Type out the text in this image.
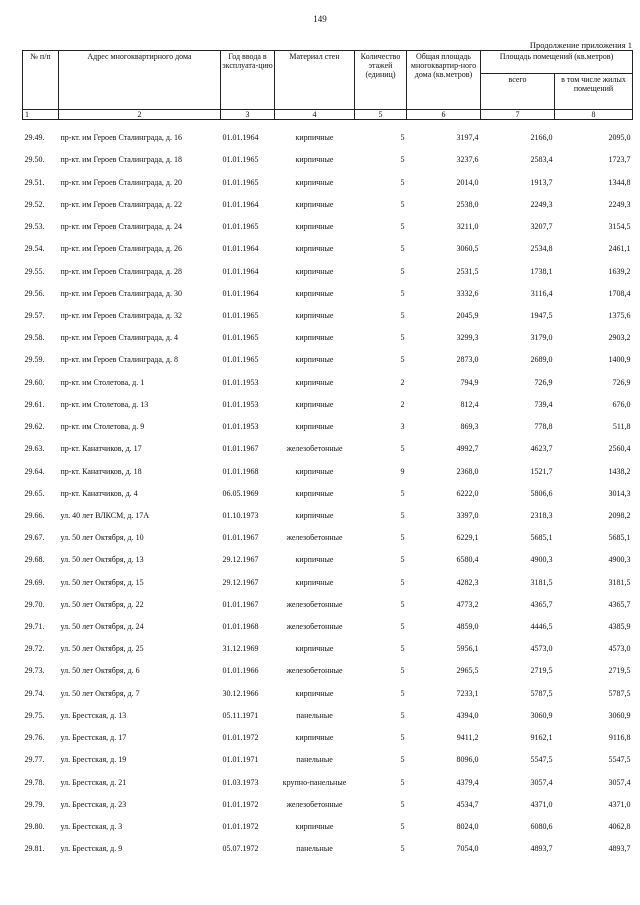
149
Продолжение приложения 1
№ п/п	Адрес многоквартирного дома	Год ввода в эксплуата-цию	Материал стен	Количество этажей (единиц)	Общая площадь многоквартир-ного дома (кв.метров)	Площадь помещений (кв.метров)	
						всего	в том числе жилых помещений
1	2	3	4	5	6	7	8
29.49.	пр-кт. им Героев Сталинграда, д. 16	01.01.1964	кирпичные	5	3197,4	2166,0	2095,0
29.50.	пр-кт. им Героев Сталинграда, д. 18	01.01.1965	кирпичные	5	3237,6	2583,4	1723,7
29.51.	пр-кт. им Героев Сталинграда, д. 20	01.01.1965	кирпичные	5	2014,0	1913,7	1344,8
29.52.	пр-кт. им Героев Сталинграда, д. 22	01.01.1964	кирпичные	5	2538,0	2249,3	2249,3
29.53.	пр-кт. им Героев Сталинграда, д. 24	01.01.1965	кирпичные	5	3211,0	3207,7	3154,5
29.54.	пр-кт. им Героев Сталинграда, д. 26	01.01.1964	кирпичные	5	3060,5	2534,8	2461,1
29.55.	пр-кт. им Героев Сталинграда, д. 28	01.01.1964	кирпичные	5	2531,5	1738,1	1639,2
29.56.	пр-кт. им Героев Сталинграда, д. 30	01.01.1964	кирпичные	5	3332,6	3116,4	1708,4
29.57.	пр-кт. им Героев Сталинграда, д. 32	01.01.1965	кирпичные	5	2045,9	1947,5	1375,6
29.58.	пр-кт. им Героев Сталинграда, д. 4	01.01.1965	кирпичные	5	3299,3	3179,0	2903,2
29.59.	пр-кт. им Героев Сталинграда, д. 8	01.01.1965	кирпичные	5	2873,0	2689,0	1400,9
29.60.	пр-кт. им Столетова, д. 1	01.01.1953	кирпичные	2	794,9	726,9	726,9
29.61.	пр-кт. им Столетова, д. 13	01.01.1953	кирпичные	2	812,4	739,4	676,0
29.62.	пр-кт. им Столетова, д. 9	01.01.1953	кирпичные	3	869,3	778,8	511,8
29.63.	пр-кт. Канатчиков, д. 17	01.01.1967	железобетонные	5	4992,7	4623,7	2560,4
29.64.	пр-кт. Канатчиков, д. 18	01.01.1968	кирпичные	9	2368,0	1521,7	1438,2
29.65.	пр-кт. Канатчиков, д. 4	06.05.1969	кирпичные	5	6222,0	5806,6	3014,3
29.66.	ул. 40 лет ВЛКСМ, д. 17А	01.10.1973	кирпичные	5	3397,0	2318,3	2098,2
29.67.	ул. 50 лет Октября, д. 10	01.01.1967	железобетонные	5	6229,1	5685,1	5685,1
29.68.	ул. 50 лет Октября, д. 13	29.12.1967	кирпичные	5	6580,4	4900,3	4900,3
29.69.	ул. 50 лет Октября, д. 15	29.12.1967	кирпичные	5	4282,3	3181,5	3181,5
29.70.	ул. 50 лет Октября, д. 22	01.01.1967	железобетонные	5	4773,2	4365,7	4365,7
29.71.	ул. 50 лет Октября, д. 24	01.01.1968	железобетонные	5	4859,0	4446,5	4385,9
29.72.	ул. 50 лет Октября, д. 25	31.12.1969	кирпичные	5	5956,1	4573,0	4573,0
29.73.	ул. 50 лет Октября, д. 6	01.01.1966	железобетонные	5	2965,5	2719,5	2719,5
29.74.	ул. 50 лет Октября, д. 7	30.12.1966	кирпичные	5	7233,1	5787,5	5787,5
29.75.	ул. Брестская, д. 13	05.11.1971	панельные	5	4394,0	3060,9	3060,9
29.76.	ул. Брестская, д. 17	01.01.1972	кирпичные	5	9411,2	9162,1	9116,8
29.77.	ул. Брестская, д. 19	01.01.1971	панельные	5	8096,0	5547,5	5547,5
29.78.	ул. Брестская, д. 21	01.03.1973	крупно-панельные	5	4379,4	3057,4	3057,4
29.79.	ул. Брестская, д. 23	01.01.1972	железобетонные	5	4534,7	4371,0	4371,0
29.80.	ул. Брестская, д. 3	01.01.1972	кирпичные	5	8024,0	6080,6	4062,8
29.81.	ул. Брестская, д. 9	05.07.1972	панельные	5	7054,0	4893,7	4893,7
